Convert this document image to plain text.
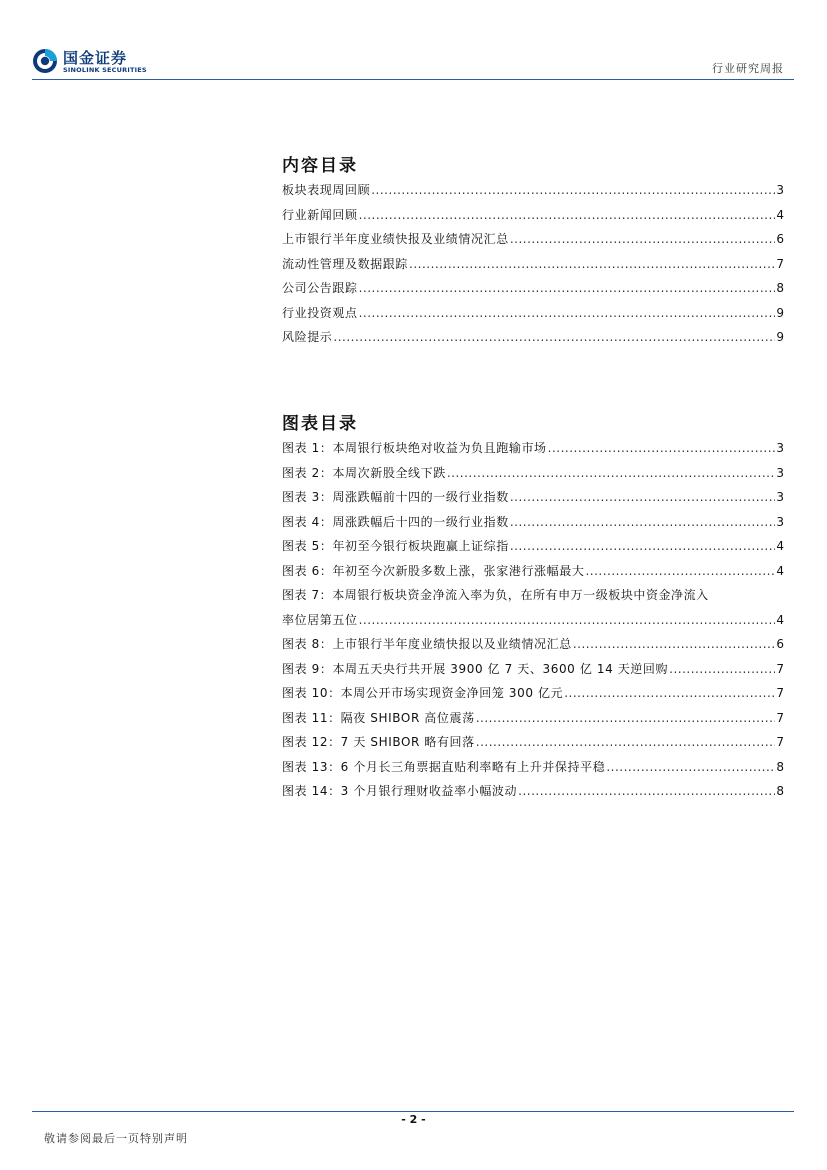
国金证券
SINOLINK SECURITIES	行业研究周报
内容目录
板块表现周回顾 .....	3
行业新闻回顾 .....	4
上市银行半年度业绩快报及业绩情况汇总 .....	6
流动性管理及数据跟踪 .....	7
公司公告跟踪 .....	8
行业投资观点 .....	9
风险提示 .....	9
图表目录
图表 1：本周银行板块绝对收益为负且跑输市场 .....	3
图表 2：本周次新股全线下跌 .....	3
图表 3：周涨跌幅前十四的一级行业指数 .....	3
图表 4：周涨跌幅后十四的一级行业指数 .....	3
图表 5：年初至今银行板块跑赢上证综指 .....	4
图表 6：年初至今次新股多数上涨，张家港行涨幅最大 .....	4
图表 7：本周银行板块资金净流入率为负，在所有申万一级板块中资金净流入
率位居第五位 .....	4
图表 8：上市银行半年度业绩快报以及业绩情况汇总 .....	6
图表 9：本周五天央行共开展 3900 亿 7 天、3600 亿 14 天逆回购 .....	7
图表 10：本周公开市场实现资金净回笼 300 亿元 .....	7
图表 11：隔夜 SHIBOR 高位震荡 .....	7
图表 12：7 天 SHIBOR 略有回落 .....	7
图表 13：6 个月长三角票据直贴利率略有上升并保持平稳 .....	8
图表 14：3 个月银行理财收益率小幅波动 .....	8
- 2 -
敬请参阅最后一页特别声明
